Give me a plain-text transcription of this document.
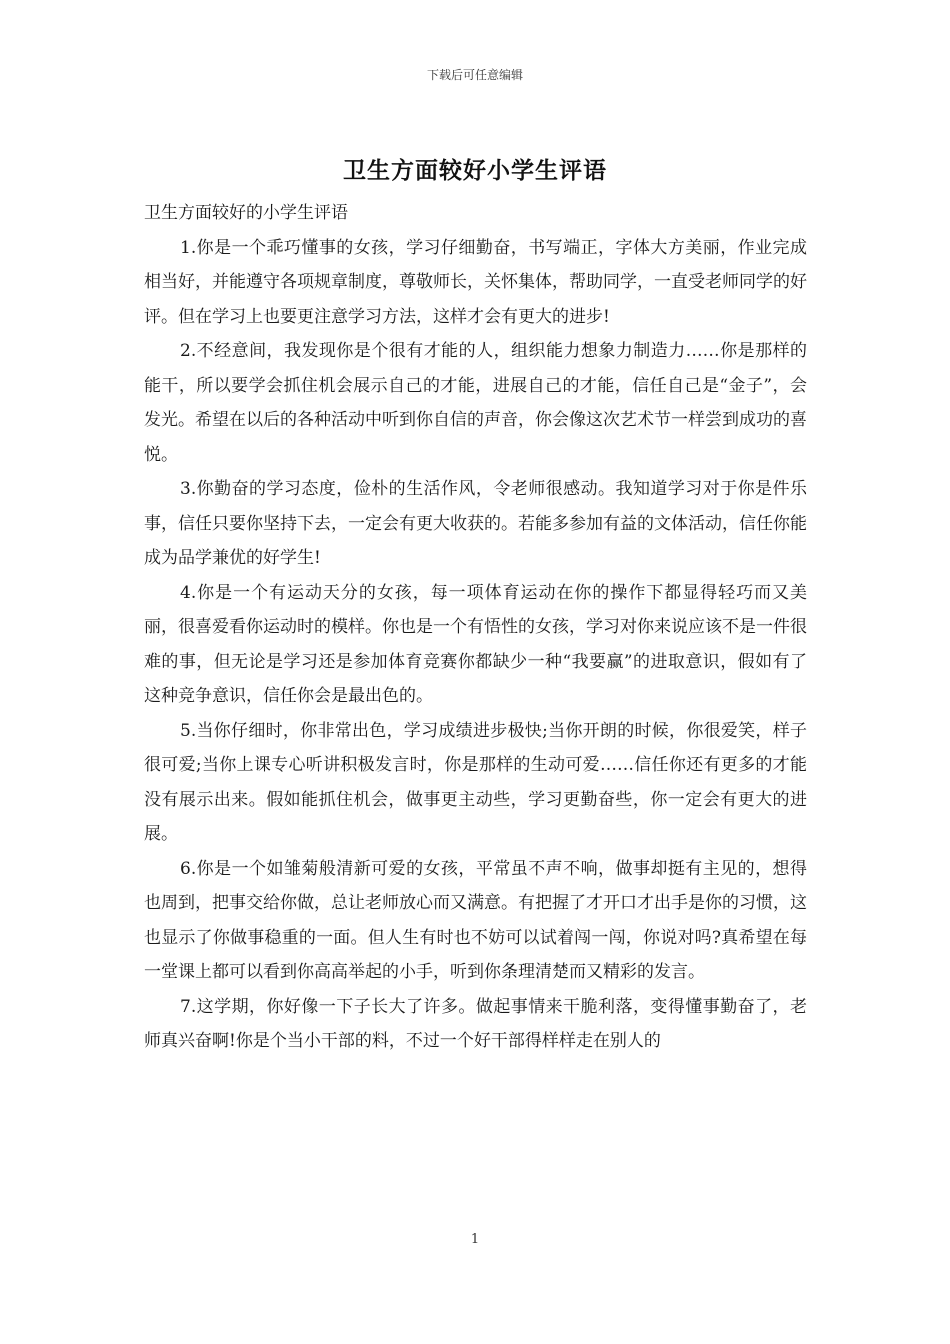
下载后可任意编辑
卫生方面较好小学生评语

卫生方面较好的小学生评语

1.你是一个乖巧懂事的女孩，学习仔细勤奋，书写端正，字体大方美丽，作业完成相当好，并能遵守各项规章制度，尊敬师长，关怀集体，帮助同学，一直受老师同学的好评。但在学习上也要更注意学习方法，这样才会有更大的进步!

2.不经意间，我发现你是个很有才能的人，组织能力想象力制造力……你是那样的能干，所以要学会抓住机会展示自己的才能，进展自己的才能，信任自己是“金子”，会发光。希望在以后的各种活动中听到你自信的声音，你会像这次艺术节一样尝到成功的喜悦。

3.你勤奋的学习态度，俭朴的生活作风，令老师很感动。我知道学习对于你是件乐事，信任只要你坚持下去，一定会有更大收获的。若能多参加有益的文体活动，信任你能成为品学兼优的好学生!

4.你是一个有运动天分的女孩，每一项体育运动在你的操作下都显得轻巧而又美丽，很喜爱看你运动时的模样。你也是一个有悟性的女孩，学习对你来说应该不是一件很难的事，但无论是学习还是参加体育竞赛你都缺少一种“我要赢”的进取意识，假如有了这种竞争意识，信任你会是最出色的。

5.当你仔细时，你非常出色，学习成绩进步极快;当你开朗的时候，你很爱笑，样子很可爱;当你上课专心听讲积极发言时，你是那样的生动可爱……信任你还有更多的才能没有展示出来。假如能抓住机会，做事更主动些，学习更勤奋些，你一定会有更大的进展。

6.你是一个如雏菊般清新可爱的女孩，平常虽不声不响，做事却挺有主见的，想得也周到，把事交给你做，总让老师放心而又满意。有把握了才开口才出手是你的习惯，这也显示了你做事稳重的一面。但人生有时也不妨可以试着闯一闯，你说对吗?真希望在每一堂课上都可以看到你高高举起的小手，听到你条理清楚而又精彩的发言。

7.这学期，你好像一下子长大了许多。做起事情来干脆利落，变得懂事勤奋了，老师真兴奋啊!你是个当小干部的料，不过一个好干部得样样走在别人的

1
